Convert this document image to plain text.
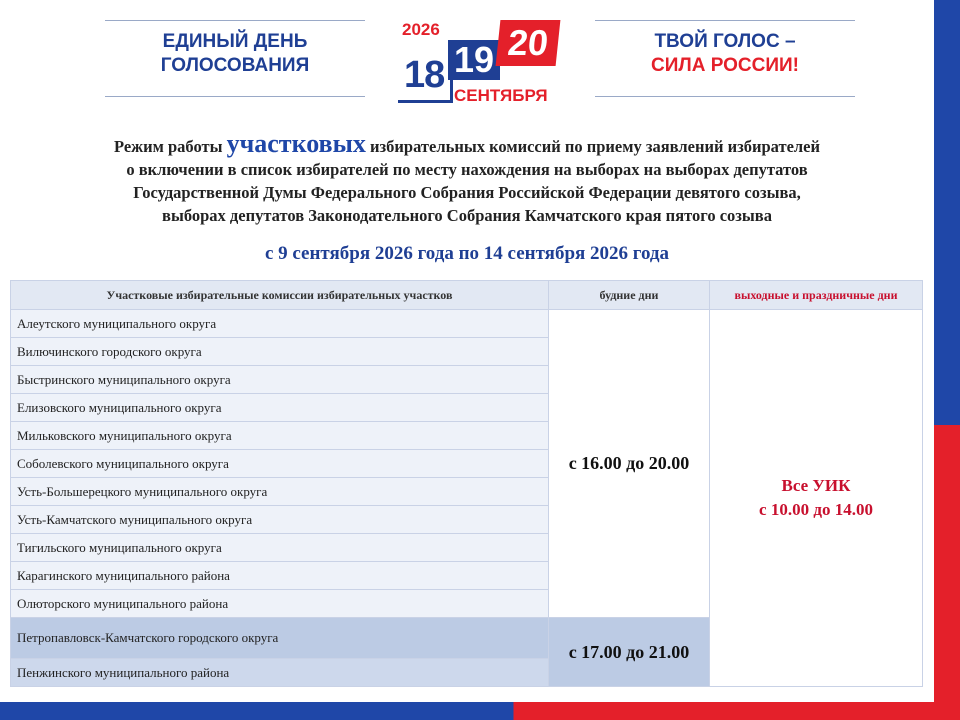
ЕДИНЫЙ ДЕНЬ
ГОЛОСОВАНИЯ
2026
18 19 20
СЕНТЯБРЯ
ТВОЙ ГОЛОС –
СИЛА РОССИИ!
Режим работы участковых избирательных комиссий по приему заявлений избирателей
о включении в список избирателей по месту нахождения на выборах на выборах депутатов
Государственной Думы Федерального Собрания Российской Федерации девятого созыва,
выборах депутатов Законодательного Собрания Камчатского края пятого созыва
с 9 сентября 2026 года по 14 сентября 2026 года
Участковые избирательные комиссии избирательных участков	будние дни	выходные и праздничные дни
Алеутского муниципального округа	с 16.00 до 20.00	Все УИК
с 10.00 до 14.00

Вилючинского городского округа		
Быстринского муниципального округа		
Елизовского муниципального округа		
Мильковского муниципального округа		
Соболевского муниципального округа		
Усть-Большерецкого муниципального округа		
Усть-Камчатского муниципального округа		
Тигильского муниципального округа		
Карагинского муниципального района		
Олюторского муниципального района		
Петропавловск-Камчатского городского округа	с 17.00 до 21.00	
Пенжинского муниципального района		
